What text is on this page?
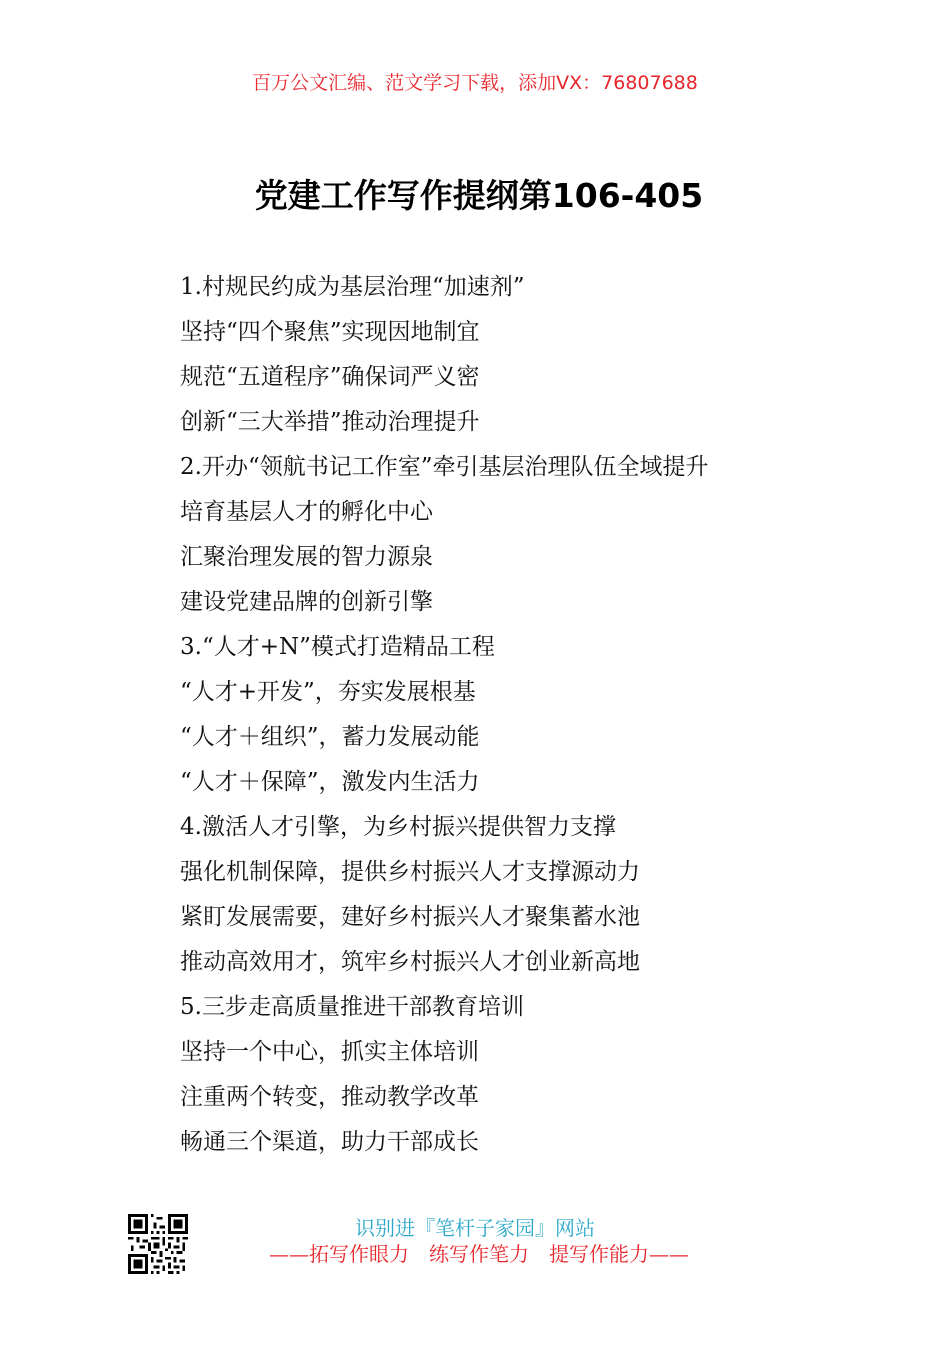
百万公文汇编、范文学习下载，添加VX：76807688
党建工作写作提纲第106-405
1.村规民约成为基层治理“加速剂”
坚持“四个聚焦”实现因地制宜
规范“五道程序”确保词严义密
创新“三大举措”推动治理提升
2.开办“领航书记工作室”牵引基层治理队伍全域提升
培育基层人才的孵化中心
汇聚治理发展的智力源泉
建设党建品牌的创新引擎
3.“人才+N”模式打造精品工程
“人才+开发”，夯实发展根基
“人才＋组织”，蓄力发展动能
“人才＋保障”，激发内生活力
4.激活人才引擎，为乡村振兴提供智力支撑
强化机制保障，提供乡村振兴人才支撑源动力
紧盯发展需要，建好乡村振兴人才聚集蓄水池
推动高效用才，筑牢乡村振兴人才创业新高地
5.三步走高质量推进干部教育培训
坚持一个中心，抓实主体培训
注重两个转变，推动教学改革
畅通三个渠道，助力干部成长
识别进『笔杆子家园』网站
——拓写作眼力　练写作笔力　提写作能力——
